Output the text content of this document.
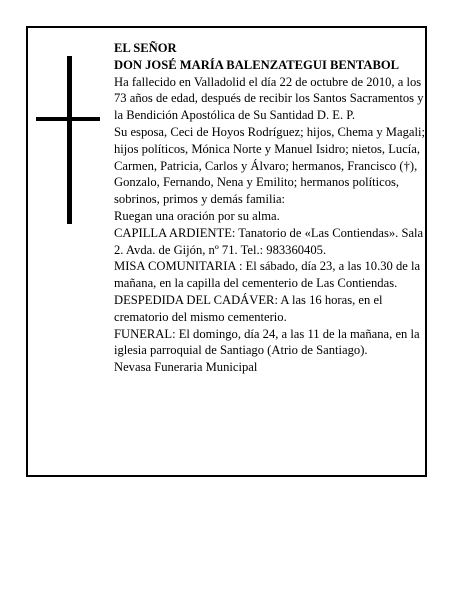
EL SEÑOR

DON JOSÉ MARÍA BALENZATEGUI BENTABOL

Ha fallecido en Valladolid el día 22 de octubre de 2010, a los 73 años de edad, después de recibir los Santos Sacramentos y la Bendición Apostólica de Su Santidad D. E. P.

Su esposa, Ceci de Hoyos Rodríguez; hijos, Chema y Magali; hijos políticos, Mónica Norte y Manuel Isidro; nietos, Lucía, Carmen, Patricia, Carlos y Álvaro; hermanos, Francisco (†), Gonzalo, Fernando, Nena y Emilito; hermanos políticos, sobrinos, primos y demás familia:

Ruegan una oración por su alma.

CAPILLA ARDIENTE: Tanatorio de «Las Contiendas». Sala 2. Avda. de Gijón, nº 71. Tel.: 983360405.

MISA COMUNITARIA : El sábado, día 23, a las 10.30 de la mañana, en la capilla del cementerio de Las Contiendas. DESPEDIDA DEL CADÁVER: A las 16 horas, en el crematorio del mismo cementerio.

FUNERAL: El domingo, día 24, a las 11 de la mañana, en la iglesia parroquial de Santiago (Atrio de Santiago).

Nevasa Funeraria Municipal
